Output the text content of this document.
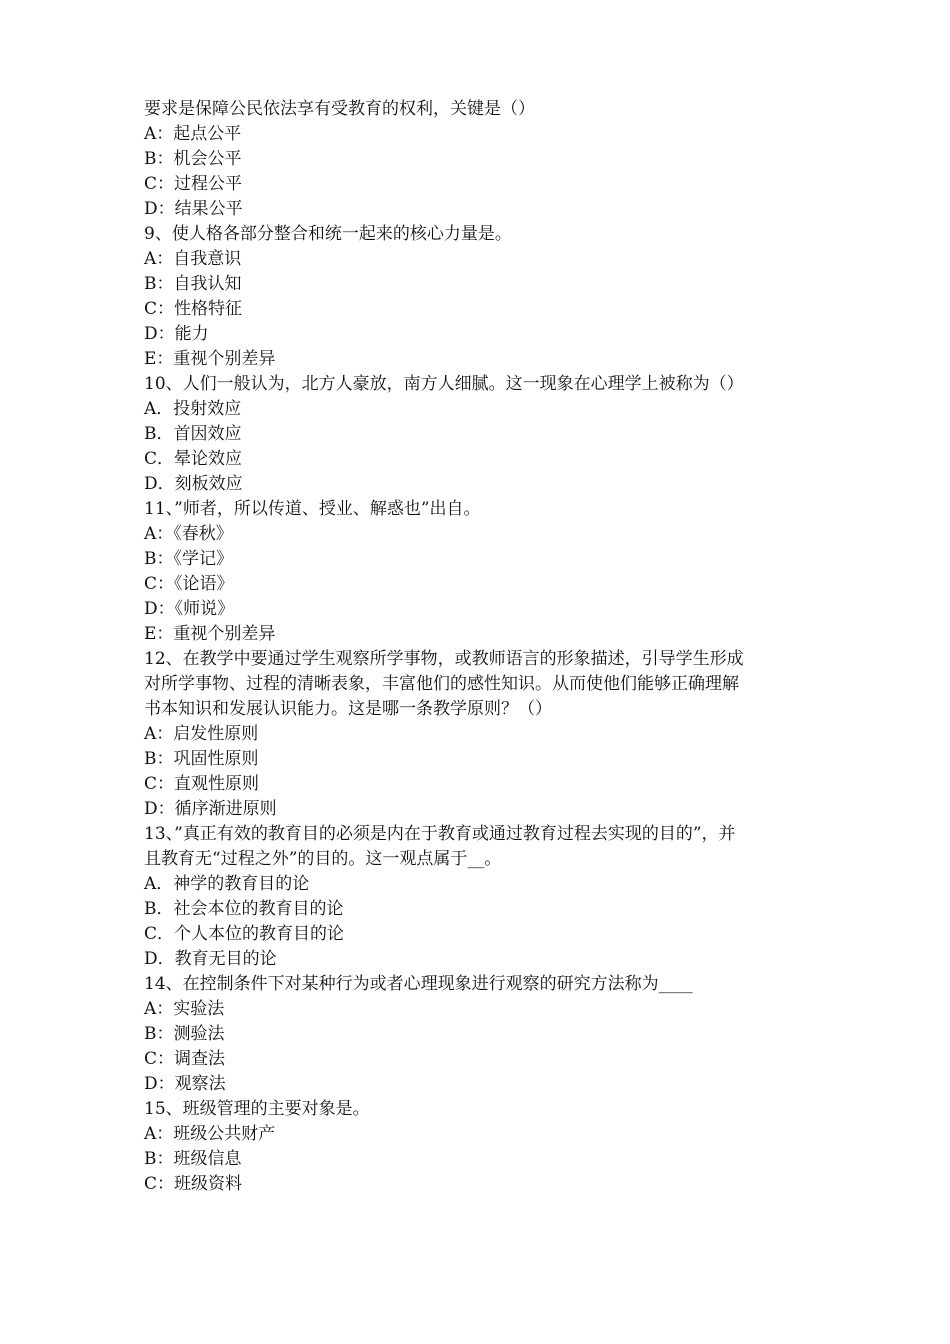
要求是保障公民依法享有受教育的权利，关键是（）
A：起点公平
B：机会公平
C：过程公平
D：结果公平
9、使人格各部分整合和统一起来的核心力量是。
A：自我意识
B：自我认知
C：性格特征
D：能力
E：重视个别差异
10、人们一般认为，北方人豪放，南方人细腻。这一现象在心理学上被称为（）
A．投射效应
B．首因效应
C．晕论效应
D．刻板效应
11、”师者，所以传道、授业、解惑也”出自。
A：《春秋》
B：《学记》
C：《论语》
D：《师说》
E：重视个别差异
12、在教学中要通过学生观察所学事物，或教师语言的形象描述，引导学生形成
对所学事物、过程的清晰表象，丰富他们的感性知识。从而使他们能够正确理解
书本知识和发展认识能力。这是哪一条教学原则？（）
A：启发性原则
B：巩固性原则
C：直观性原则
D：循序渐进原则
13、”真正有效的教育目的必须是内在于教育或通过教育过程去实现的目的”，并
且教育无“过程之外”的目的。这一观点属于__。
A．神学的教育目的论
B．社会本位的教育目的论
C．个人本位的教育目的论
D．教育无目的论
14、在控制条件下对某种行为或者心理现象进行观察的研究方法称为____
A：实验法
B：测验法
C：调查法
D：观察法
15、班级管理的主要对象是。
A：班级公共财产
B：班级信息
C：班级资料
